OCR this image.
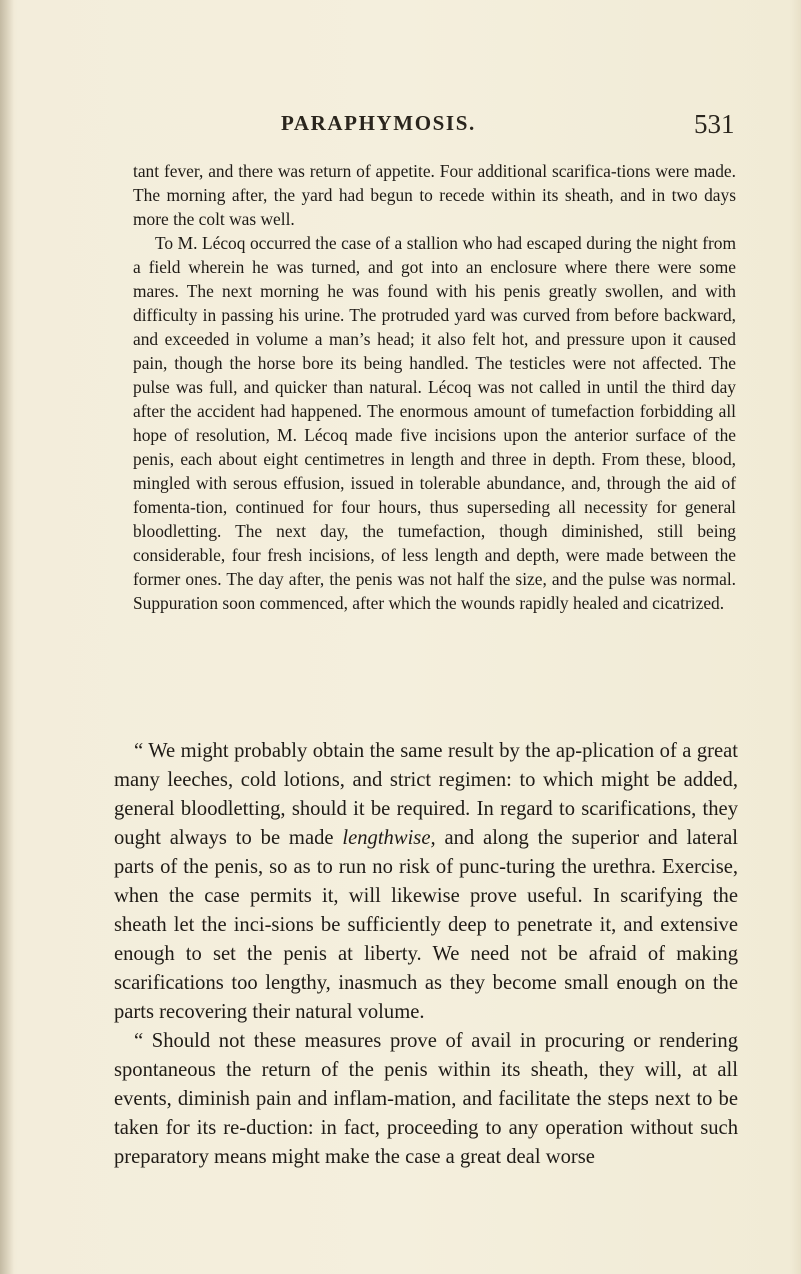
PARAPHYMOSIS.	531

tant fever, and there was return of appetite. Four additional scarifica-tions were made. The morning after, the yard had begun to recede within its sheath, and in two days more the colt was well.

To M. Lécoq occurred the case of a stallion who had escaped during the night from a field wherein he was turned, and got into an enclosure where there were some mares. The next morning he was found with his penis greatly swollen, and with difficulty in passing his urine. The protruded yard was curved from before backward, and exceeded in volume a man’s head; it also felt hot, and pressure upon it caused pain, though the horse bore its being handled. The testicles were not affected. The pulse was full, and quicker than natural. Lécoq was not called in until the third day after the accident had happened. The enormous amount of tumefaction forbidding all hope of resolution, M. Lécoq made five incisions upon the anterior surface of the penis, each about eight centimetres in length and three in depth. From these, blood, mingled with serous effusion, issued in tolerable abundance, and, through the aid of fomenta-tion, continued for four hours, thus superseding all necessity for general bloodletting. The next day, the tumefaction, though diminished, still being considerable, four fresh incisions, of less length and depth, were made between the former ones. The day after, the penis was not half the size, and the pulse was normal. Suppuration soon commenced, after which the wounds rapidly healed and cicatrized.

“ We might probably obtain the same result by the ap-plication of a great many leeches, cold lotions, and strict regimen: to which might be added, general bloodletting, should it be required. In regard to scarifications, they ought always to be made lengthwise, and along the superior and lateral parts of the penis, so as to run no risk of punc-turing the urethra. Exercise, when the case permits it, will likewise prove useful. In scarifying the sheath let the inci-sions be sufficiently deep to penetrate it, and extensive enough to set the penis at liberty. We need not be afraid of making scarifications too lengthy, inasmuch as they become small enough on the parts recovering their natural volume.

“ Should not these measures prove of avail in procuring or rendering spontaneous the return of the penis within its sheath, they will, at all events, diminish pain and inflam-mation, and facilitate the steps next to be taken for its re-duction: in fact, proceeding to any operation without such preparatory means might make the case a great deal worse
